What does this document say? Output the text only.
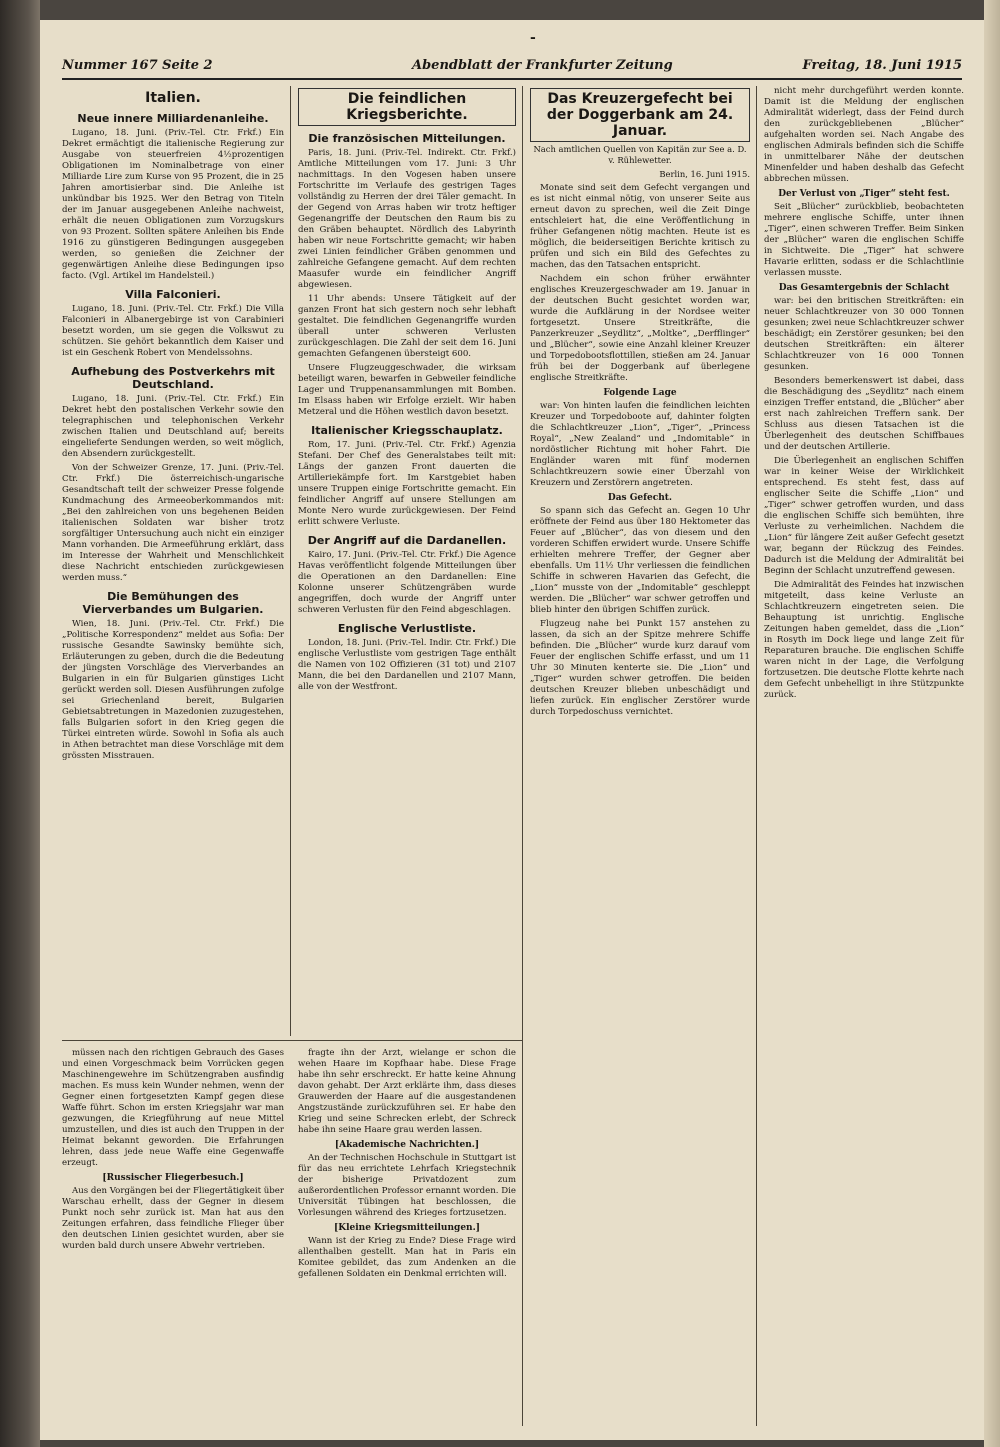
-
Nummer 167 Seite 2	Abendblatt der Frankfurter Zeitung	Freitag, 18. Juni 1915
Italien.
Neue innere Milliardenanleihe.

Lugano, 18. Juni. (Priv.-Tel. Ctr. Frkf.) Ein Dekret ermächtigt die italienische Regierung zur Ausgabe von steuerfreien 4½prozentigen Obligationen im Nominalbetrage von einer Milliarde Lire zum Kurse von 95 Prozent, die in 25 Jahren amortisierbar sind. Die Anleihe ist unkündbar bis 1925. Wer den Betrag von Titeln der im Januar ausgegebenen Anleihe nachweist, erhält die neuen Obligationen zum Vorzugskurs von 93 Prozent. Sollten spätere Anleihen bis Ende 1916 zu günstigeren Bedingungen ausgegeben werden, so genießen die Zeichner der gegenwärtigen Anleihe diese Bedingungen ipso facto. (Vgl. Artikel im Handelsteil.)

Villa Falconieri.

Lugano, 18. Juni. (Priv.-Tel. Ctr. Frkf.) Die Villa Falconieri in Albanergebirge ist von Carabinieri besetzt worden, um sie gegen die Volkswut zu schützen. Sie gehört bekanntlich dem Kaiser und ist ein Geschenk Robert von Mendelssohns.

Aufhebung des Postverkehrs mit Deutschland.

Lugano, 18. Juni. (Priv.-Tel. Ctr. Frkf.) Ein Dekret hebt den postalischen Verkehr sowie den telegraphischen und telephonischen Verkehr zwischen Italien und Deutschland auf; bereits eingelieferte Sendungen werden, so weit möglich, den Absendern zurückgestellt.

Von der Schweizer Grenze, 17. Juni. (Priv.-Tel. Ctr. Frkf.) Die österreichisch-ungarische Gesandtschaft teilt der schweizer Presse folgende Kundmachung des Armeeoberkommandos mit: „Bei den zahlreichen von uns begehenen Beiden italienischen Soldaten war bisher trotz sorgfältiger Untersuchung auch nicht ein einziger Mann vorhanden. Die Armeeführung erklärt, dass im Interesse der Wahrheit und Menschlichkeit diese Nachricht entschieden zurückgewiesen werden muss.“

Die Bemühungen des Vierverbandes um Bulgarien.

Wien, 18. Juni. (Priv.-Tel. Ctr. Frkf.) Die „Politische Korrespondenz“ meldet aus Sofia: Der russische Gesandte Sawinsky bemühte sich, Erläuterungen zu geben, durch die die Bedeutung der jüngsten Vorschläge des Vierverbandes an Bulgarien in ein für Bulgarien günstiges Licht gerückt werden soll. Diesen Ausführungen zufolge sei Griechenland bereit, Bulgarien Gebietsabtretungen in Mazedonien zuzugestehen, falls Bulgarien sofort in den Krieg gegen die Türkei eintreten würde. Sowohl in Sofia als auch in Athen betrachtet man diese Vorschläge mit dem grössten Misstrauen.

Die feindlichen Kriegsberichte.
Die französischen Mitteilungen.

Paris, 18. Juni. (Priv.-Tel. Indirekt. Ctr. Frkf.) Amtliche Mitteilungen vom 17. Juni: 3 Uhr nachmittags. In den Vogesen haben unsere Fortschritte im Verlaufe des gestrigen Tages vollständig zu Herren der drei Täler gemacht. In der Gegend von Arras haben wir trotz heftiger Gegenangriffe der Deutschen den Raum bis zu den Gräben behauptet. Nördlich des Labyrinth haben wir neue Fortschritte gemacht; wir haben zwei Linien feindlicher Gräben genommen und zahlreiche Gefangene gemacht. Auf dem rechten Maasufer wurde ein feindlicher Angriff abgewiesen.

11 Uhr abends: Unsere Tätigkeit auf der ganzen Front hat sich gestern noch sehr lebhaft gestaltet. Die feindlichen Gegenangriffe wurden überall unter schweren Verlusten zurückgeschlagen. Die Zahl der seit dem 16. Juni gemachten Gefangenen übersteigt 600.

Unsere Flugzeuggeschwader, die wirksam beteiligt waren, bewarfen in Gebweiler feindliche Lager und Truppenansammlungen mit Bomben. Im Elsass haben wir Erfolge erzielt. Wir haben Metzeral und die Höhen westlich davon besetzt.

Italienischer Kriegsschauplatz.

Rom, 17. Juni. (Priv.-Tel. Ctr. Frkf.) Agenzia Stefani. Der Chef des Generalstabes teilt mit: Längs der ganzen Front dauerten die Artilleriekämpfe fort. Im Karstgebiet haben unsere Truppen einige Fortschritte gemacht. Ein feindlicher Angriff auf unsere Stellungen am Monte Nero wurde zurückgewiesen. Der Feind erlitt schwere Verluste.

Der Angriff auf die Dardanellen.

Kairo, 17. Juni. (Priv.-Tel. Ctr. Frkf.) Die Agence Havas veröffentlicht folgende Mitteilungen über die Operationen an den Dardanellen: Eine Kolonne unserer Schützengräben wurde angegriffen, doch wurde der Angriff unter schweren Verlusten für den Feind abgeschlagen.

Englische Verlustliste.

London, 18. Juni. (Priv.-Tel. Indir. Ctr. Frkf.) Die englische Verlustliste vom gestrigen Tage enthält die Namen von 102 Offizieren (31 tot) und 2107 Mann, die bei den Dardanellen und 2107 Mann, alle von der Westfront.

Das Kreuzergefecht bei der Doggerbank am 24. Januar.
Nach amtlichen Quellen von Kapitän zur See a. D. v. Rühlewetter.
Berlin, 16. Juni 1915.

Monate sind seit dem Gefecht vergangen und es ist nicht einmal nötig, von unserer Seite aus erneut davon zu sprechen, weil die Zeit Dinge entschleiert hat, die eine Veröffentlichung in früher Gefangenen nötig machten. Heute ist es möglich, die beiderseitigen Berichte kritisch zu prüfen und sich ein Bild des Gefechtes zu machen, das den Tatsachen entspricht.

Nachdem ein schon früher erwähnter englisches Kreuzergeschwader am 19. Januar in der deutschen Bucht gesichtet worden war, wurde die Aufklärung in der Nordsee weiter fortgesetzt. Unsere Streitkräfte, die Panzerkreuzer „Seydlitz“, „Moltke“, „Derfflinger“ und „Blücher“, sowie eine Anzahl kleiner Kreuzer und Torpedobootsflottillen, stießen am 24. Januar früh bei der Doggerbank auf überlegene englische Streitkräfte.

Folgende Lage

war: Von hinten laufen die feindlichen leichten Kreuzer und Torpedoboote auf, dahinter folgten die Schlachtkreuzer „Lion“, „Tiger“, „Princess Royal“, „New Zealand“ und „Indomitable“ in nordöstlicher Richtung mit hoher Fahrt. Die Engländer waren mit fünf modernen Schlachtkreuzern sowie einer Überzahl von Kreuzern und Zerstörern angetreten.

Das Gefecht.

So spann sich das Gefecht an. Gegen 10 Uhr eröffnete der Feind aus über 180 Hektometer das Feuer auf „Blücher“, das von diesem und den vorderen Schiffen erwidert wurde. Unsere Schiffe erhielten mehrere Treffer, der Gegner aber ebenfalls. Um 11½ Uhr verliessen die feindlichen Schiffe in schweren Havarien das Gefecht, die „Lion“ musste von der „Indomitable“ geschleppt werden. Die „Blücher“ war schwer getroffen und blieb hinter den übrigen Schiffen zurück.

Flugzeug nahe bei Punkt 157 anstehen zu lassen, da sich an der Spitze mehrere Schiffe befinden. Die „Blücher“ wurde kurz darauf vom Feuer der englischen Schiffe erfasst, und um 11 Uhr 30 Minuten kenterte sie. Die „Lion“ und „Tiger“ wurden schwer getroffen. Die beiden deutschen Kreuzer blieben unbeschädigt und liefen zurück. Ein englischer Zerstörer wurde durch Torpedoschuss vernichtet.

nicht mehr durchgeführt werden konnte. Damit ist die Meldung der englischen Admiralität widerlegt, dass der Feind durch den zurückgebliebenen „Blücher“ aufgehalten worden sei. Nach Angabe des englischen Admirals befinden sich die Schiffe in unmittelbarer Nähe der deutschen Minenfelder und haben deshalb das Gefecht abbrechen müssen.

Der Verlust von „Tiger“ steht fest.

Seit „Blücher“ zurückblieb, beobachteten mehrere englische Schiffe, unter ihnen „Tiger“, einen schweren Treffer. Beim Sinken der „Blücher“ waren die englischen Schiffe in Sichtweite. Die „Tiger“ hat schwere Havarie erlitten, sodass er die Schlachtlinie verlassen musste.

Das Gesamtergebnis der Schlacht

war: bei den britischen Streitkräften: ein neuer Schlachtkreuzer von 30 000 Tonnen gesunken; zwei neue Schlachtkreuzer schwer beschädigt; ein Zerstörer gesunken; bei den deutschen Streitkräften: ein älterer Schlachtkreuzer von 16 000 Tonnen gesunken.

Besonders bemerkenswert ist dabei, dass die Beschädigung des „Seydlitz“ nach einem einzigen Treffer entstand, die „Blücher“ aber erst nach zahlreichen Treffern sank. Der Schluss aus diesen Tatsachen ist die Überlegenheit des deutschen Schiffbaues und der deutschen Artillerie.

Die Überlegenheit an englischen Schiffen war in keiner Weise der Wirklichkeit entsprechend. Es steht fest, dass auf englischer Seite die Schiffe „Lion“ und „Tiger“ schwer getroffen wurden, und dass die englischen Schiffe sich bemühten, ihre Verluste zu verheimlichen. Nachdem die „Lion“ für längere Zeit außer Gefecht gesetzt war, begann der Rückzug des Feindes. Dadurch ist die Meldung der Admiralität bei Beginn der Schlacht unzutreffend gewesen.

Die Admiralität des Feindes hat inzwischen mitgeteilt, dass keine Verluste an Schlachtkreuzern eingetreten seien. Die Behauptung ist unrichtig. Englische Zeitungen haben gemeldet, dass die „Lion“ in Rosyth im Dock liege und lange Zeit für Reparaturen brauche. Die englischen Schiffe waren nicht in der Lage, die Verfolgung fortzusetzen. Die deutsche Flotte kehrte nach dem Gefecht unbehelligt in ihre Stützpunkte zurück.

müssen nach den richtigen Gebrauch des Gases und einen Vorgeschmack beim Vorrücken gegen Maschinengewehre im Schützengraben ausfindig machen. Es muss kein Wunder nehmen, wenn der Gegner einen fortgesetzten Kampf gegen diese Waffe führt. Schon im ersten Kriegsjahr war man gezwungen, die Kriegführung auf neue Mittel umzustellen, und dies ist auch den Truppen in der Heimat bekannt geworden. Die Erfahrungen lehren, dass jede neue Waffe eine Gegenwaffe erzeugt.

[Russischer Fliegerbesuch.]

Aus den Vorgängen bei der Fliegertätigkeit über Warschau erhellt, dass der Gegner in diesem Punkt noch sehr zurück ist. Man hat aus den Zeitungen erfahren, dass feindliche Flieger über den deutschen Linien gesichtet wurden, aber sie wurden bald durch unsere Abwehr vertrieben.

fragte ihn der Arzt, wielange er schon die wehen Haare im Kopfhaar habe. Diese Frage habe ihn sehr erschreckt. Er hatte keine Ahnung davon gehabt. Der Arzt erklärte ihm, dass dieses Grauwerden der Haare auf die ausgestandenen Angstzustände zurückzuführen sei. Er habe den Krieg und seine Schrecken erlebt, der Schreck habe ihn seine Haare grau werden lassen.

[Akademische Nachrichten.]

An der Technischen Hochschule in Stuttgart ist für das neu errichtete Lehrfach Kriegstechnik der bisherige Privatdozent zum außerordentlichen Professor ernannt worden. Die Universität Tübingen hat beschlossen, die Vorlesungen während des Krieges fortzusetzen.

[Kleine Kriegsmitteilungen.]

Wann ist der Krieg zu Ende? Diese Frage wird allenthalben gestellt. Man hat in Paris ein Komitee gebildet, das zum Andenken an die gefallenen Soldaten ein Denkmal errichten will.
